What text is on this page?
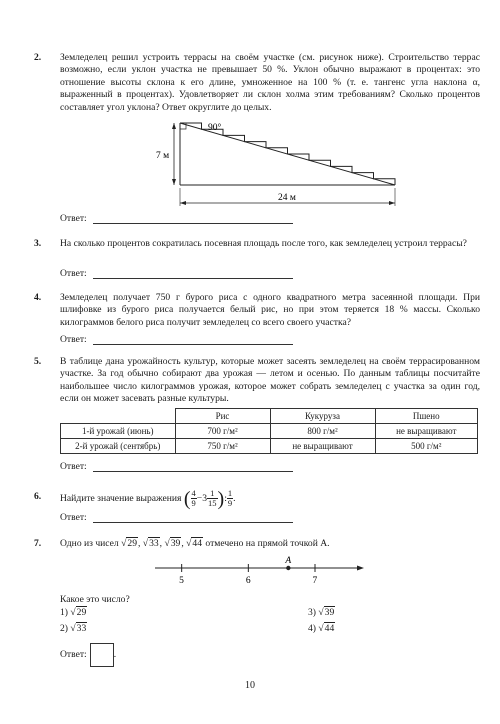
2. Земледелец решил устроить террасы на своём участке (см. рисунок ниже). Строительство террас возможно, если уклон участка не превышает 50 %. Уклон обычно выражают в процентах: это отношение высоты склона к его длине, умноженное на 100 % (т. е. тангенс угла наклона α, выраженный в процентах). Удовлетворяет ли склон холма этим требованиям? Сколько процентов составляет угол уклона? Ответ округлите до целых.
7 м
90°
24 м
Ответ:
3. На сколько процентов сократилась посевная площадь после того, как земледелец устроил террасы?
Ответ:
4. Земледелец получает 750 г бурого риса с одного квадратного метра засеянной площади. При шлифовке из бурого риса получается белый рис, но при этом теряется 18 % массы. Сколько килограммов белого риса получит земледелец со всего своего участка?
Ответ:
5. В таблице дана урожайность культур, которые может засеять земледелец на своём террасированном участке. За год обычно собирают два урожая — летом и осенью. По данным таблицы посчитайте наибольшее число килограммов урожая, которое может собрать земледелец с участка за один год, если он может засевать разные культуры.
	Рис	Кукуруза	Пшено
1-й урожай (июнь)	700 г/м²	800 г/м²	не выращивают
2-й урожай (сентябрь)	750 г/м²	не выращивают	500 г/м²
Ответ:
6. Найдите значение выражения ( $\frac{4}{9} -3 \frac{1}{15}$ ): $\frac{1}{9}$ .
Ответ:
7. Одно из чисел √29, √33, √39, √44 отмечено на прямой точкой A.
5	6	7
A
Какое это число?
1) √29
2) √33
3) √39
4) √44
Ответ:	.
10
